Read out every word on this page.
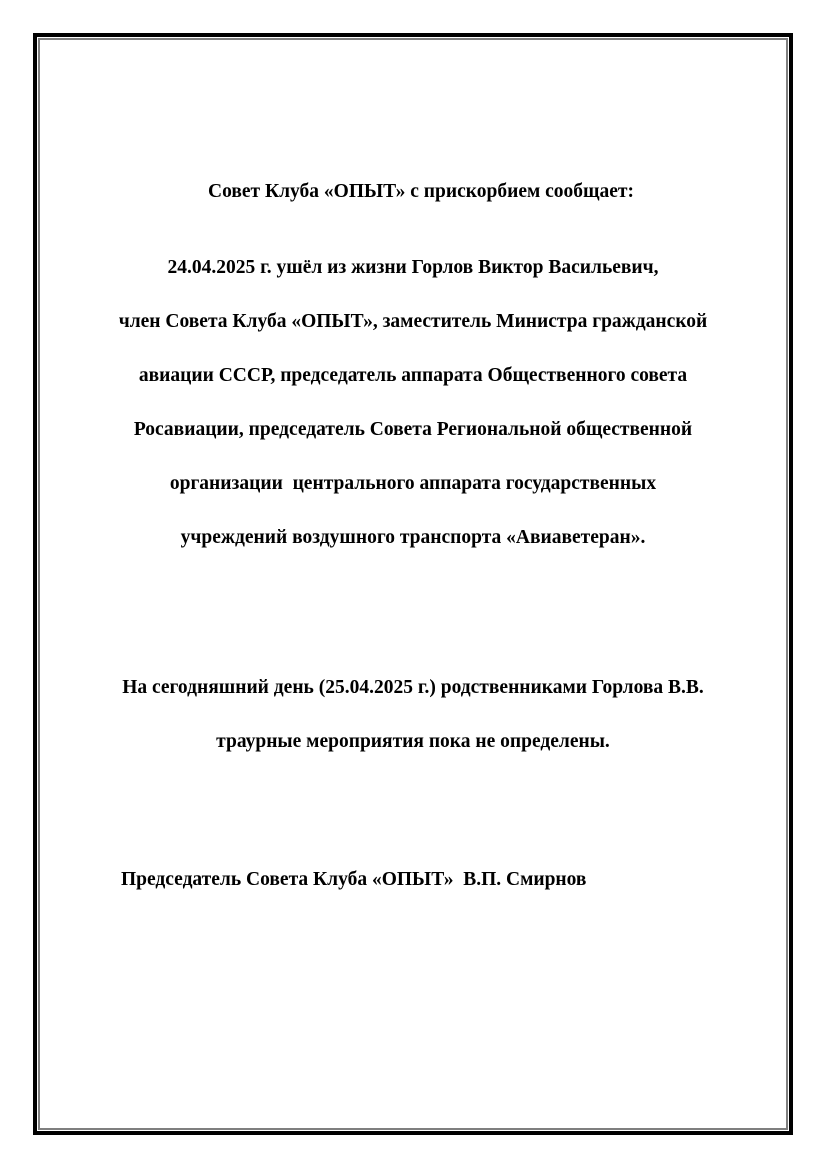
Совет Клуба «ОПЫТ» с прискорбием сообщает:

24.04.2025 г. ушёл из жизни Горлов Виктор Васильевич,

член Совета Клуба «ОПЫТ», заместитель Министра гражданской

авиации СССР, председатель аппарата Общественного совета

Росавиации, председатель Совета Региональной общественной

организации  центрального аппарата государственных

учреждений воздушного транспорта «Авиаветеран».

На сегодняшний день (25.04.2025 г.) родственниками Горлова В.В.

траурные мероприятия пока не определены.

Председатель Совета Клуба «ОПЫТ»  В.П. Смирнов
